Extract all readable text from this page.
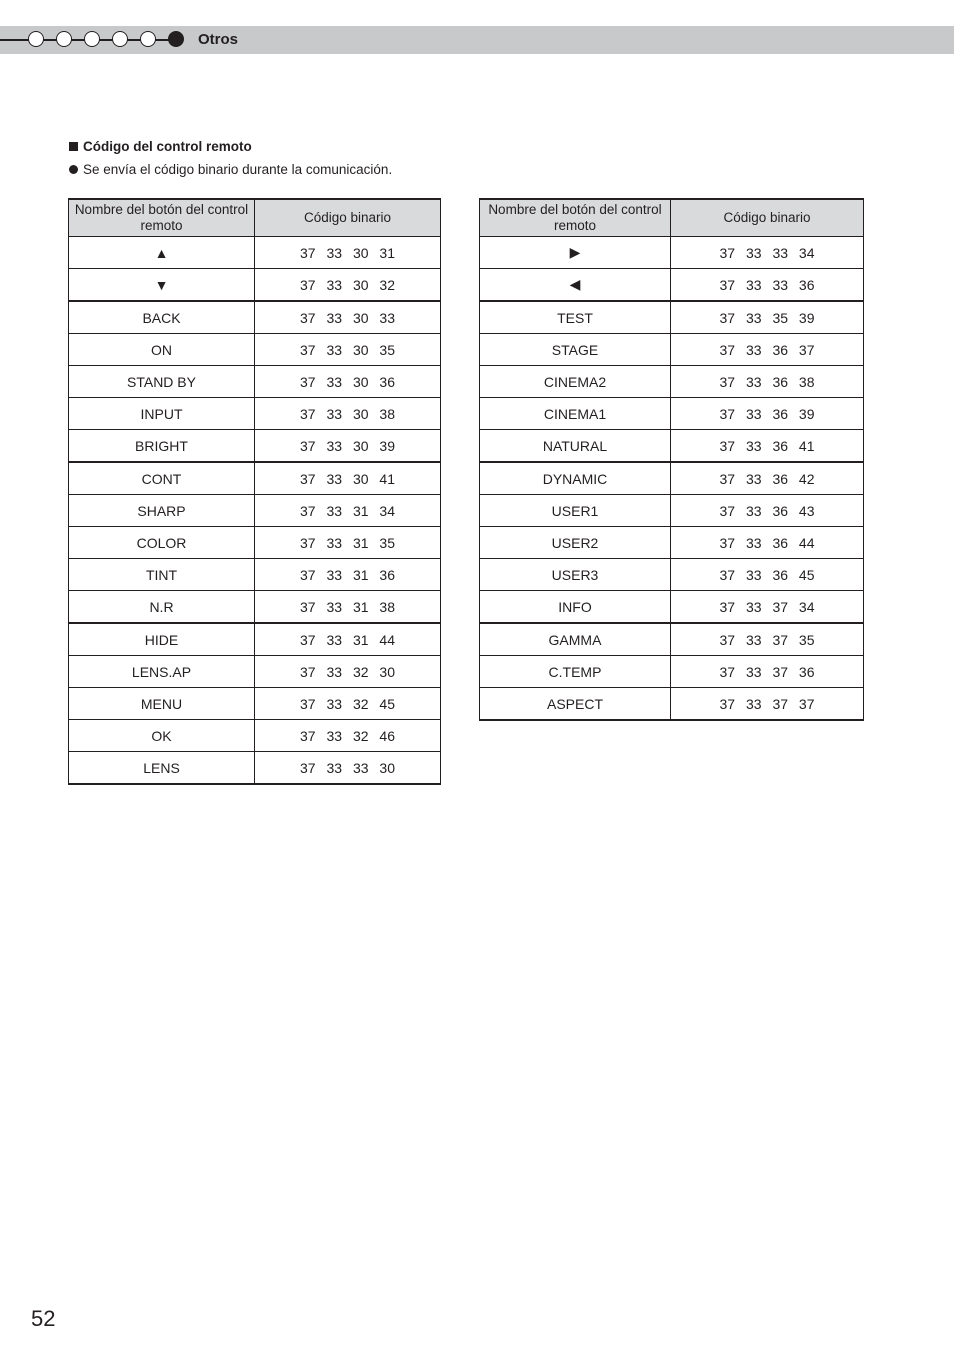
Otros
Código del control remoto
Se envía el código binario durante la comunicación.
Nombre del botón del control remoto	Código binario
▲	37 33 30 31
▼	37 33 30 32
BACK	37 33 30 33
ON	37 33 30 35
STAND BY	37 33 30 36
INPUT	37 33 30 38
BRIGHT	37 33 30 39
CONT	37 33 30 41
SHARP	37 33 31 34
COLOR	37 33 31 35
TINT	37 33 31 36
N.R	37 33 31 38
HIDE	37 33 31 44
LENS.AP	37 33 32 30
MENU	37 33 32 45
OK	37 33 32 46
LENS	37 33 33 30
Nombre del botón del control remoto	Código binario
▶	37 33 33 34
◀	37 33 33 36
TEST	37 33 35 39
STAGE	37 33 36 37
CINEMA2	37 33 36 38
CINEMA1	37 33 36 39
NATURAL	37 33 36 41
DYNAMIC	37 33 36 42
USER1	37 33 36 43
USER2	37 33 36 44
USER3	37 33 36 45
INFO	37 33 37 34
GAMMA	37 33 37 35
C.TEMP	37 33 37 36
ASPECT	37 33 37 37
52
